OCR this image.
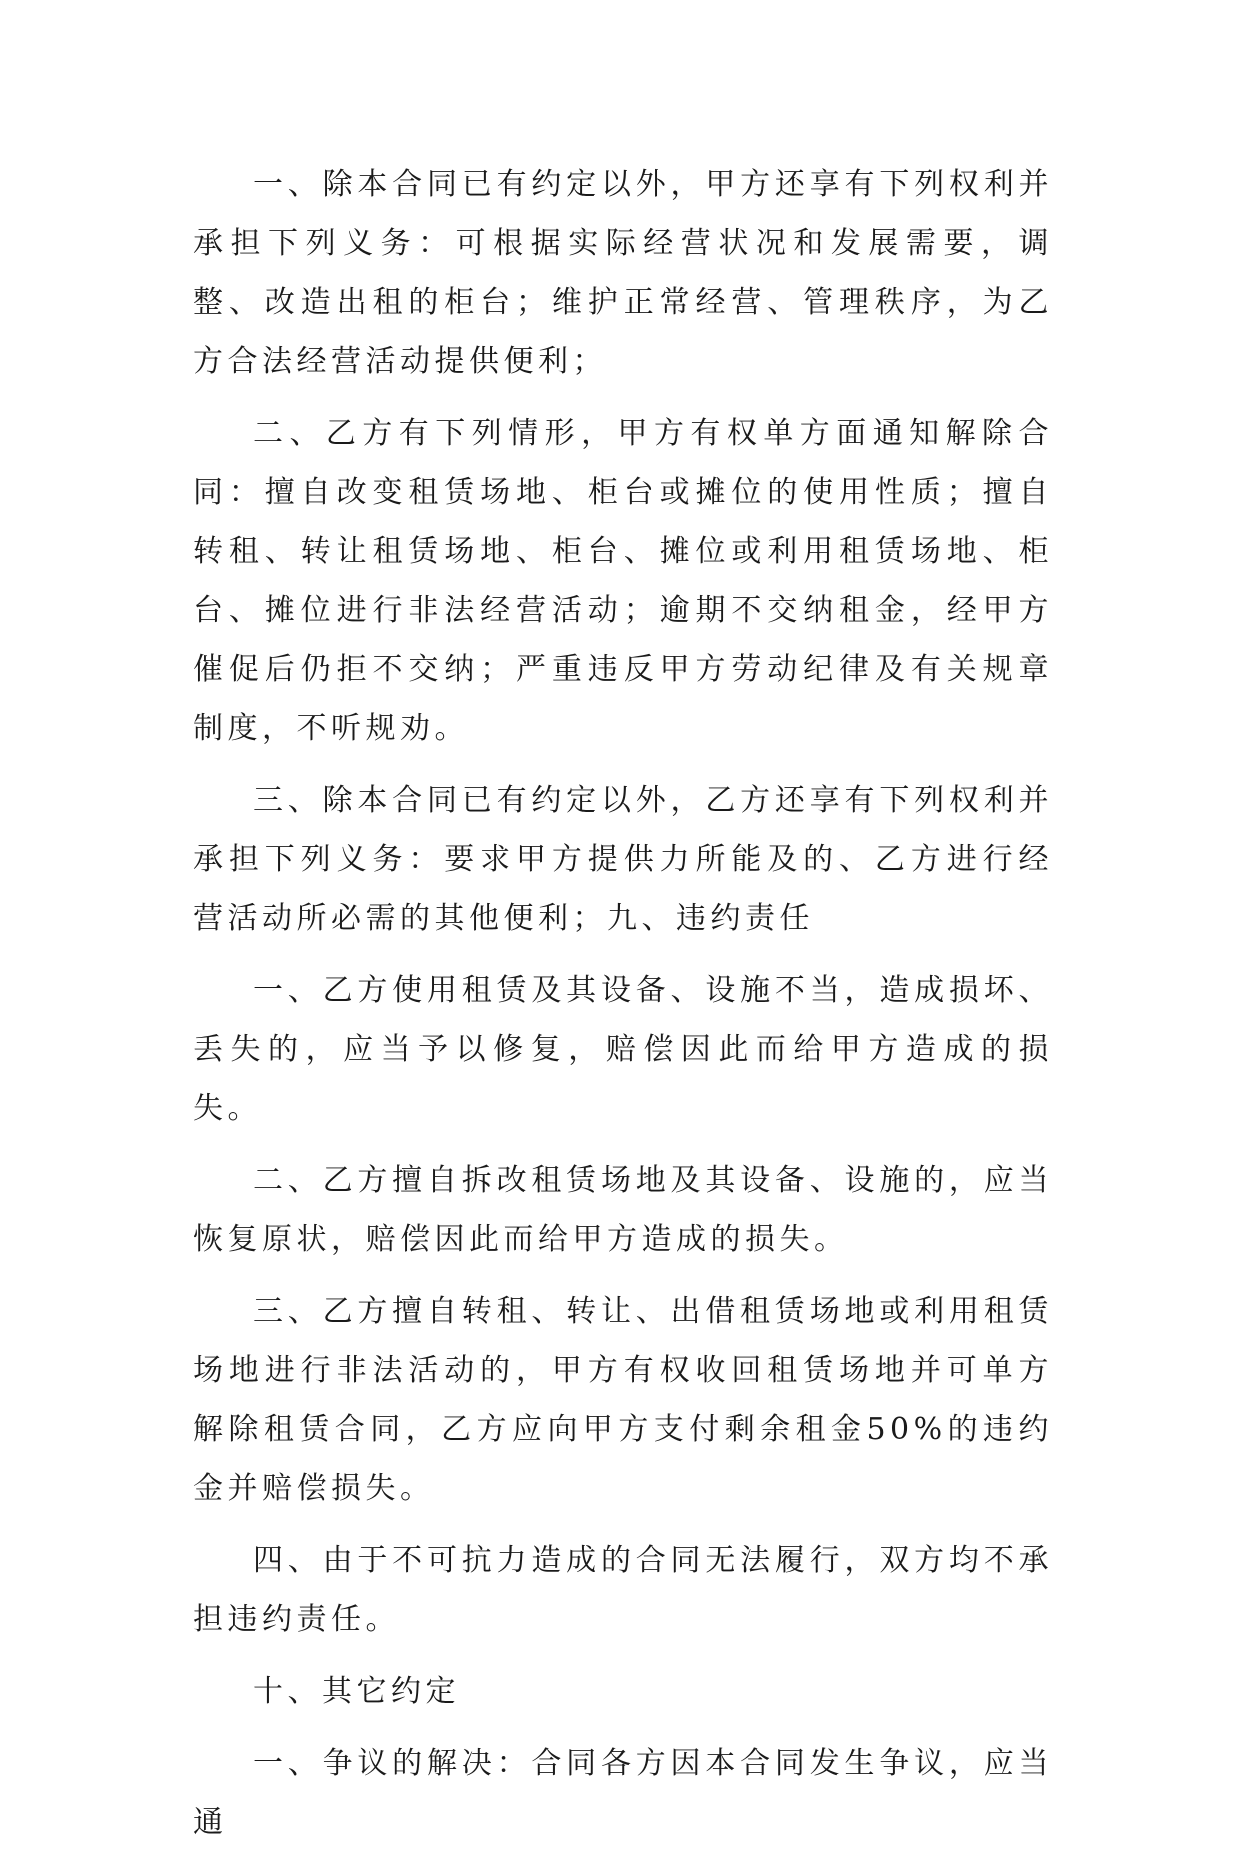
一、除本合同已有约定以外，甲方还享有下列权利并承担下列义务：可根据实际经营状况和发展需要，调整、改造出租的柜台；维护正常经营、管理秩序，为乙方合法经营活动提供便利；

二、乙方有下列情形，甲方有权单方面通知解除合同：擅自改变租赁场地、柜台或摊位的使用性质；擅自转租、转让租赁场地、柜台、摊位或利用租赁场地、柜台、摊位进行非法经营活动；逾期不交纳租金，经甲方催促后仍拒不交纳；严重违反甲方劳动纪律及有关规章制度，不听规劝。

三、除本合同已有约定以外，乙方还享有下列权利并承担下列义务：要求甲方提供力所能及的、乙方进行经营活动所必需的其他便利；九、违约责任

一、乙方使用租赁及其设备、设施不当，造成损坏、丢失的，应当予以修复，赔偿因此而给甲方造成的损失。

二、乙方擅自拆改租赁场地及其设备、设施的，应当恢复原状，赔偿因此而给甲方造成的损失。

三、乙方擅自转租、转让、出借租赁场地或利用租赁场地进行非法活动的，甲方有权收回租赁场地并可单方解除租赁合同，乙方应向甲方支付剩余租金50%的违约金并赔偿损失。

四、由于不可抗力造成的合同无法履行，双方均不承担违约责任。

十、其它约定

一、争议的解决：合同各方因本合同发生争议，应当通
